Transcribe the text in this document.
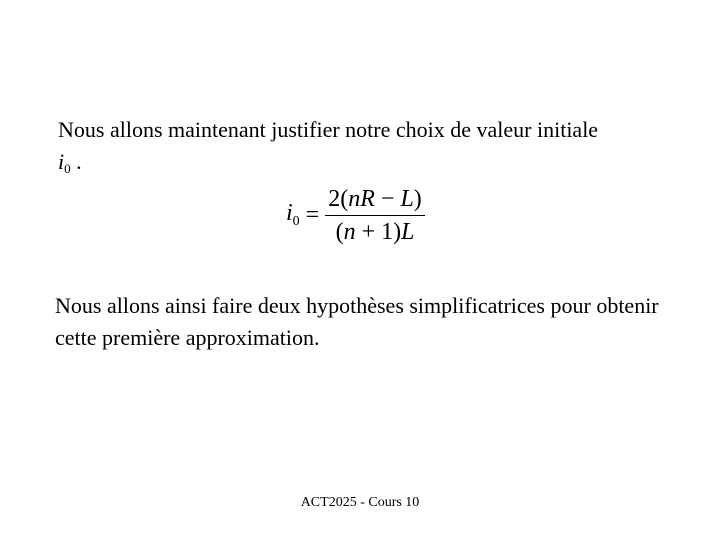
Nous allons maintenant justifier notre choix de valeur initiale
$i_0$ .

$i_0 = \frac{2(nR - L)}{(n + 1)L}$

Nous allons ainsi faire deux hypothèses simplificatrices pour obtenir cette première approximation.

ACT2025 - Cours 10
